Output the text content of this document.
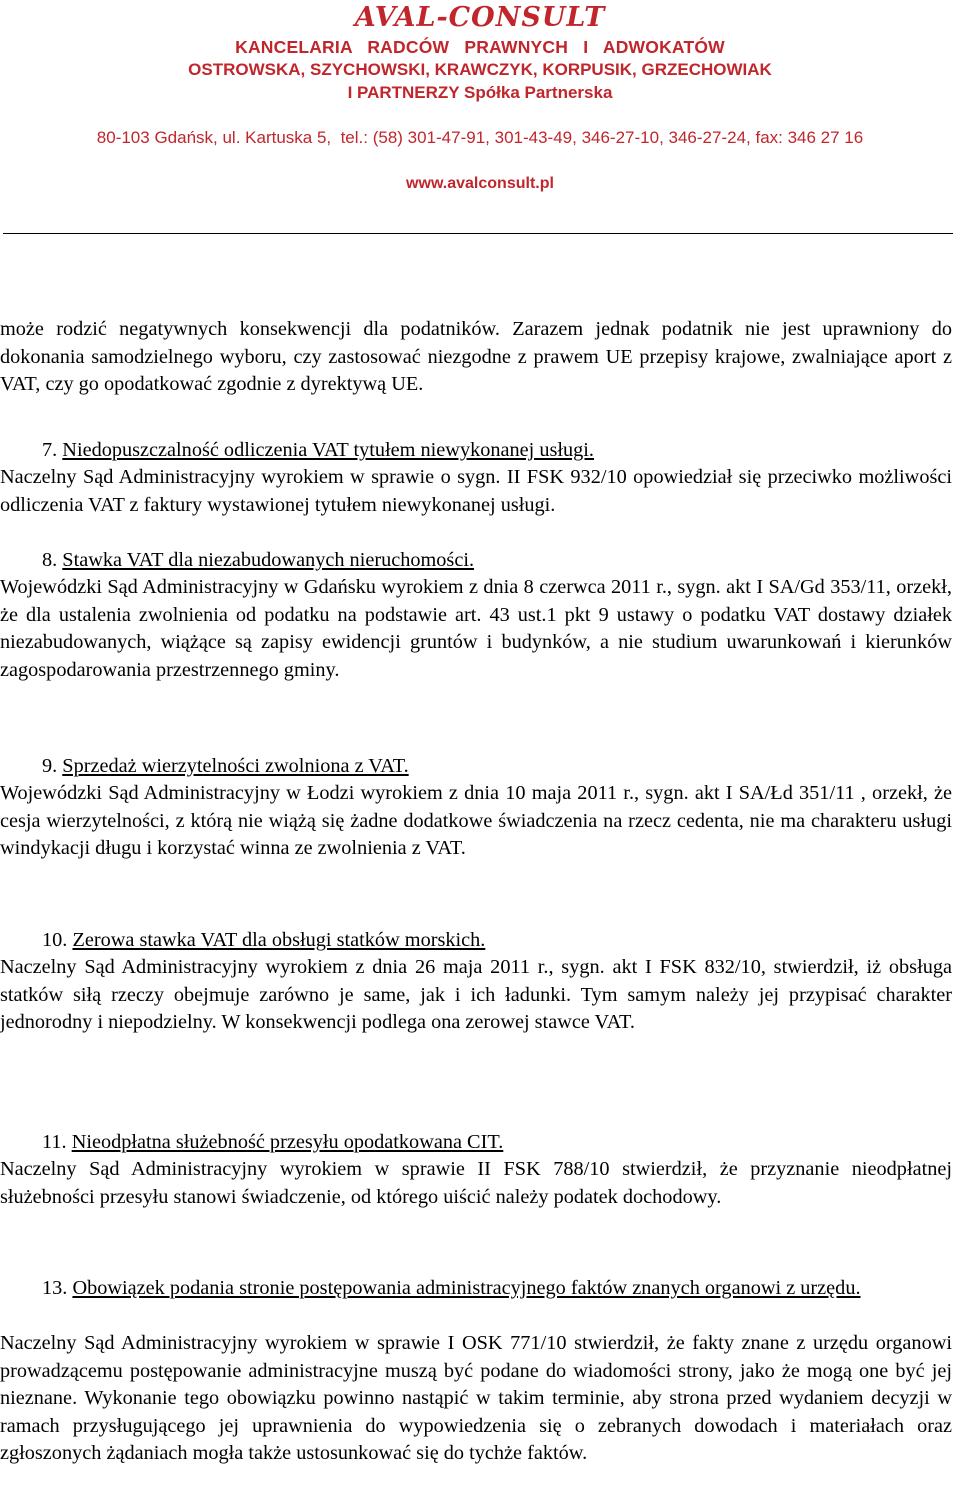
AVAL-CONSULT
KANCELARIA   RADCÓW   PRAWNYCH   I   ADWOKATÓW
OSTROWSKA, SZYCHOWSKI, KRAWCZYK, KORPUSIK, GRZECHOWIAK
I PARTNERZY Spółka Partnerska
80-103 Gdańsk, ul. Kartuska 5,  tel.: (58) 301-47-91, 301-43-49, 346-27-10, 346-27-24, fax: 346 27 16
www.avalconsult.pl

może rodzić negatywnych konsekwencji dla podatników. Zarazem jednak podatnik nie jest uprawniony do dokonania samodzielnego wyboru, czy zastosować niezgodne z prawem UE przepisy krajowe, zwalniające aport z VAT, czy go opodatkować zgodnie z dyrektywą UE.

7. Niedopuszczalność odliczenia VAT tytułem niewykonanej usługi.

Naczelny Sąd Administracyjny wyrokiem w sprawie o sygn. II FSK 932/10 opowiedział się przeciwko możliwości odliczenia VAT z faktury wystawionej tytułem niewykonanej usługi.

8. Stawka VAT dla niezabudowanych nieruchomości.

Wojewódzki Sąd Administracyjny w Gdańsku wyrokiem z dnia 8 czerwca 2011 r., sygn. akt I SA/Gd 353/11, orzekł, że dla ustalenia zwolnienia od podatku na podstawie art. 43 ust.1 pkt 9 ustawy o podatku VAT dostawy działek niezabudowanych, wiążące są zapisy ewidencji gruntów i budynków, a nie studium uwarunkowań i kierunków zagospodarowania przestrzennego gminy.

9. Sprzedaż wierzytelności zwolniona z VAT.

Wojewódzki Sąd Administracyjny w Łodzi wyrokiem z dnia 10 maja 2011 r., sygn. akt I SA/Łd 351/11 , orzekł, że cesja wierzytelności, z którą nie wiążą się żadne dodatkowe świadczenia na rzecz cedenta, nie ma charakteru usługi windykacji długu i korzystać winna ze zwolnienia z VAT.

10. Zerowa stawka VAT dla obsługi statków morskich.

Naczelny Sąd Administracyjny wyrokiem z dnia 26 maja 2011 r., sygn. akt I FSK 832/10, stwierdził, iż obsługa statków siłą rzeczy obejmuje zarówno je same, jak i ich ładunki. Tym samym należy jej przypisać charakter jednorodny i niepodzielny. W konsekwencji podlega ona zerowej stawce VAT.

11. Nieodpłatna służebność przesyłu opodatkowana CIT.

Naczelny Sąd Administracyjny wyrokiem w sprawie II FSK 788/10 stwierdził, że przyznanie nieodpłatnej służebności przesyłu stanowi świadczenie, od którego uiścić należy podatek dochodowy.

13. Obowiązek podania stronie postępowania administracyjnego faktów znanych organowi z urzędu.

Naczelny Sąd Administracyjny wyrokiem w sprawie I OSK 771/10 stwierdził, że fakty znane z urzędu organowi prowadzącemu postępowanie administracyjne muszą być podane do wiadomości strony, jako że mogą one być jej nieznane. Wykonanie tego obowiązku powinno nastąpić w takim terminie, aby strona przed wydaniem decyzji w ramach przysługującego jej uprawnienia do wypowiedzenia się o zebranych dowodach i materiałach oraz zgłoszonych żądaniach mogła także ustosunkować się do tychże faktów.
